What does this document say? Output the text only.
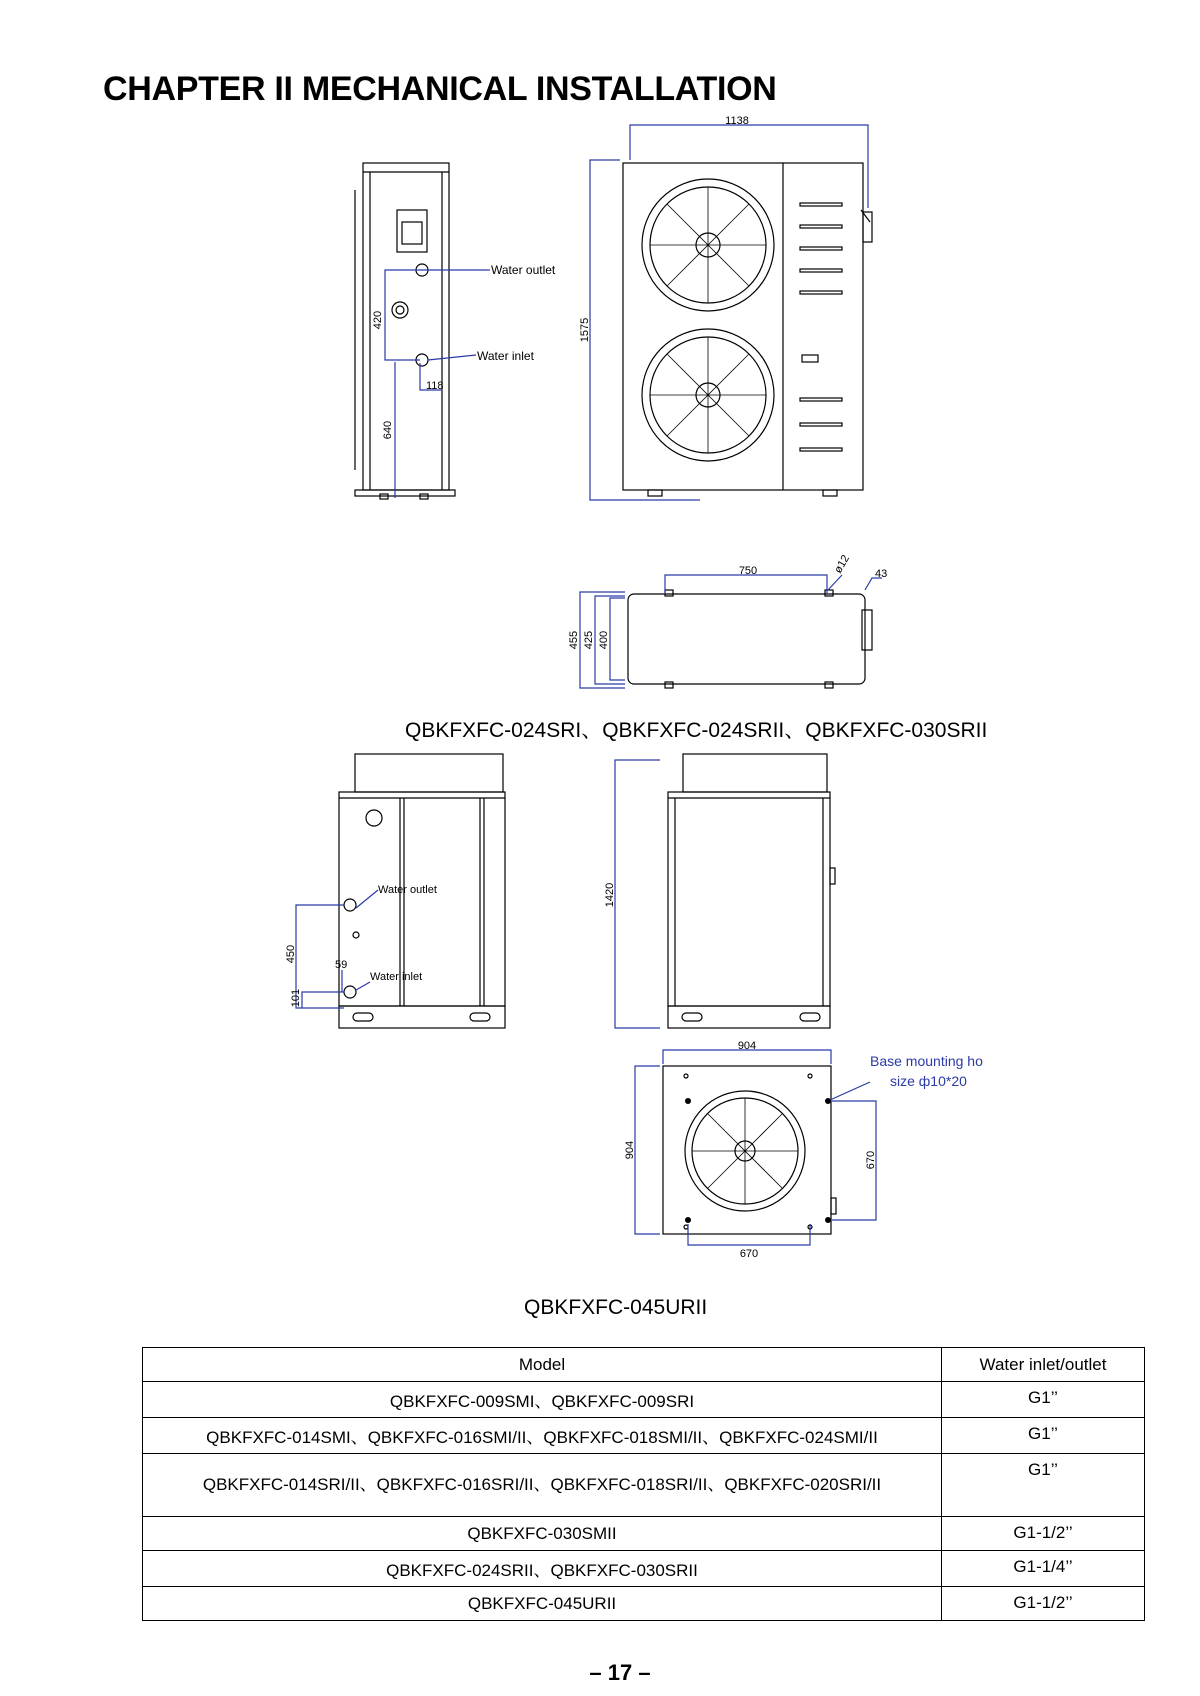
CHAPTER II MECHANICAL INSTALLATION
1138
1575
420
640
118
750
455 425 400
ø12 43
Water outlet
Water inlet
QBKFXFC-024SRI、QBKFXFC-024SRII、QBKFXFC-030SRII
450
101
59
1420
904
904
670
670
Water outlet
Water inlet
Base mounting ho
size ф10*20
QBKFXFC-045URII
Model	Water inlet/outlet
QBKFXFC-009SMI、QBKFXFC-009SRI	G1’’
QBKFXFC-014SMI、QBKFXFC-016SMI/II、QBKFXFC-018SMI/II、QBKFXFC-024SMI/II	G1’’
QBKFXFC-014SRI/II、QBKFXFC-016SRI/II、QBKFXFC-018SRI/II、QBKFXFC-020SRI/II	G1’’
QBKFXFC-030SMII	G1-1/2’’
QBKFXFC-024SRII、QBKFXFC-030SRII	G1-1/4’’
QBKFXFC-045URII	G1-1/2’’
– 17 –
